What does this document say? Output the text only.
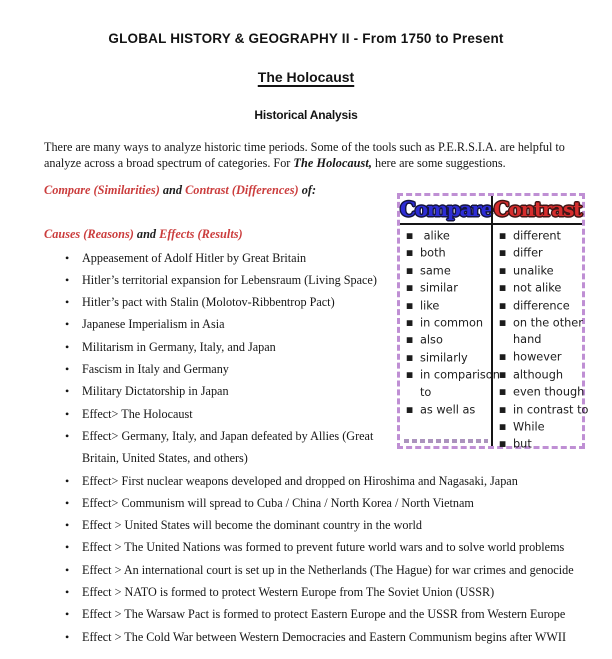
GLOBAL HISTORY & GEOGRAPHY II - From 1750 to Present
The Holocaust
Historical Analysis

There are many ways to analyze historic time periods. Some of the tools such as P.E.R.S.I.A. are helpful to
analyze across a broad spectrum of categories. For The Holocaust, here are some suggestions.

Compare (Similarities) and Contrast (Differences) of:

Causes (Reasons) and Effects (Results)

• Appeasement of Adolf Hitler by Great Britain
• Hitler’s territorial expansion for Lebensraum (Living Space)
• Hitler’s pact with Stalin (Molotov-Ribbentrop Pact)
• Japanese Imperialism in Asia
• Militarism in Germany, Italy, and Japan
• Fascism in Italy and Germany
• Military Dictatorship in Japan
• Effect> The Holocaust
• Effect> Germany, Italy, and Japan defeated by Allies (Great
Britain, United States, and others)
• Effect> First nuclear weapons developed and dropped on Hiroshima and Nagasaki, Japan
• Effect> Communism will spread to Cuba / China / North Korea / North Vietnam
• Effect > United States will become the dominant country in the world
• Effect > The United Nations was formed to prevent future world wars and to solve world problems
• Effect > An international court is set up in the Netherlands (The Hague) for war crimes and genocide
• Effect > NATO is formed to protect Western Europe from The Soviet Union (USSR)
• Effect > The Warsaw Pact is formed to protect Eastern Europe and the USSR from Western Europe
• Effect > The Cold War between Western Democracies and Eastern Communism begins after WWII
Compare
■ alike
■ both
■ same
■ similar
■ like
■ in common
■ also
■ similarly
■ in comparison
to
■ as well as
Contrast
■ different
■ differ
■ unalike
■ not alike
■ difference
■ on the other
hand
■ however
■ although
■ even though
■ in contrast to
■ While
■ but
